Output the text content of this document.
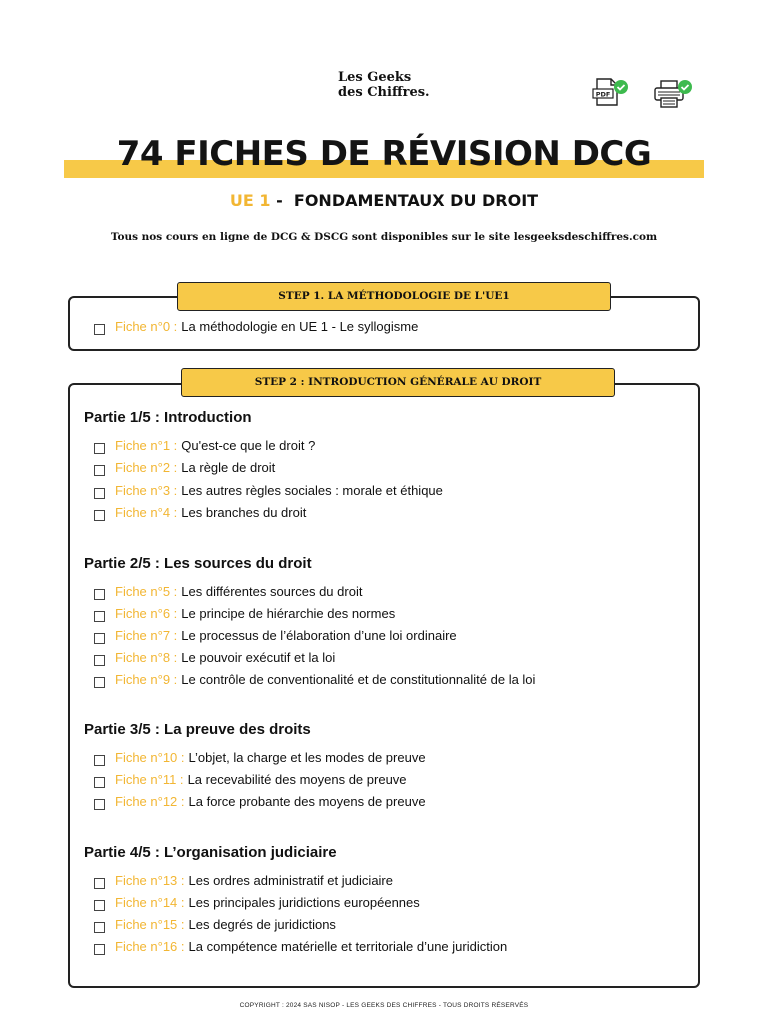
Les Geeks
des Chiffres.	PDF
74 FICHES DE RÉVISION DCG
UE 1 -  FONDAMENTAUX DU DROIT
Tous nos cours en ligne de DCG & DSCG sont disponibles sur le site lesgeeksdeschiffres.com
STEP 1. LA MÉTHODOLOGIE DE L'UE1
Fiche n°0 : La méthodologie en UE 1 - Le syllogisme
STEP 2 : INTRODUCTION GÉNÉRALE AU DROIT
Partie 1/5 : Introduction
Fiche n°1 : Qu'est-ce que le droit ?
Fiche n°2 : La règle de droit
Fiche n°3 : Les autres règles sociales : morale et éthique
Fiche n°4 : Les branches du droit
Partie 2/5 : Les sources du droit
Fiche n°5 : Les différentes sources du droit
Fiche n°6 : Le principe de hiérarchie des normes
Fiche n°7 : Le processus de l’élaboration d’une loi ordinaire
Fiche n°8 : Le pouvoir exécutif et la loi
Fiche n°9 : Le contrôle de conventionalité et de constitutionnalité de la loi
Partie 3/5 : La preuve des droits
Fiche n°10 : L’objet, la charge et les modes de preuve
Fiche n°11 : La recevabilité des moyens de preuve
Fiche n°12 : La force probante des moyens de preuve
Partie 4/5 : L’organisation judiciaire
Fiche n°13 : Les ordres administratif et judiciaire
Fiche n°14 : Les principales juridictions européennes
Fiche n°15 : Les degrés de juridictions
Fiche n°16 : La compétence matérielle et territoriale d’une juridiction
COPYRIGHT : 2024 SAS NISOP - LES GEEKS DES CHIFFRES - TOUS DROITS RÉSERVÉS
